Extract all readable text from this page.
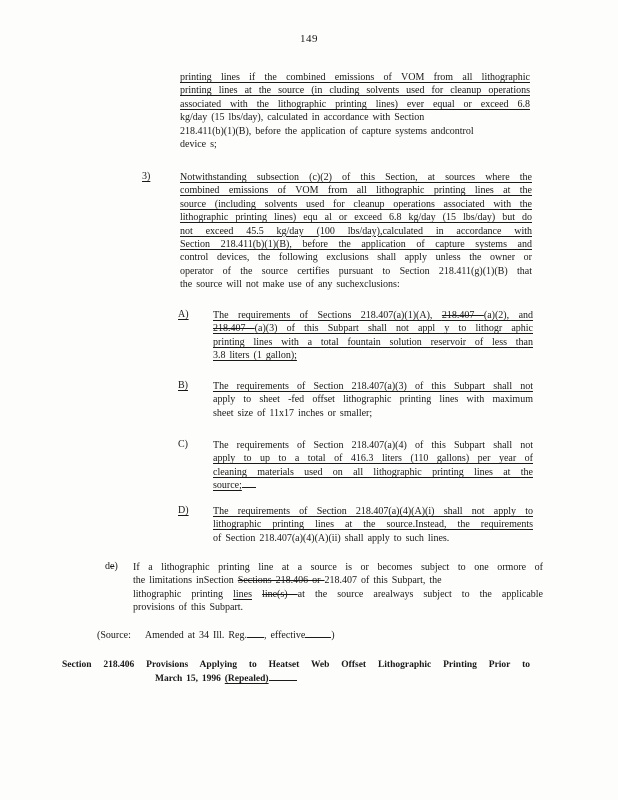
149
printing lines if the combined emissions of VOM from all lithographic
printing lines at the source (in cluding solvents used for cleanup operations
associated with the lithographic printing lines) ever equal or exceed 6.8
kg/day (15 lbs/day), calculated in accordance with Section
218.411(b)(1)(B), before the application of capture systems andcontrol
device s;
3)	Notwithstanding subsection (c)(2) of this Section, at sources where the
combined emissions of VOM from all lithographic printing lines at the
source (including solvents used for cleanup operations associated with the
lithographic printing lines) equ al or exceed 6.8 kg/day (15 lbs/day) but do
not exceed 45.5 kg/day (100 lbs/day),calculated in accordance with
Section 218.411(b)(1)(B), before the application of capture systems and
control devices, the following exclusions shall apply unless the owner or
operator of the source certifies pursuant to Section 218.411(g)(1)(B) that
the source will not make use of any suchexclusions:
A) The requirements of Sections 218.407(a)(1)(A), 218.407 (a)(2), and
218.407 (a)(3) of this Subpart shall not appl y to lithogr aphic
printing lines with a total fountain solution reservoir of less than
3.8 liters (1 gallon);
B)	The requirements of Section 218.407(a)(3) of this Subpart shall not
apply to sheet -fed offset lithographic printing lines with maximum
sheet size of 11x17 inches or smaller;
C)	The requirements of Section 218.407(a)(4) of this Subpart shall not
apply to up to a total of 416.3 liters (110 gallons) per year of
cleaning materials used on all lithographic printing lines at the
source;
D) The requirements of Section 218.407(a)(4)(A)(i) shall not apply to
lithographic printing lines at the source.Instead, the requirements
of Section 218.407(a)(4)(A)(ii) shall apply to such lines.
de) If a lithographic printing line at a source is or becomes subject to one ormore of
the limitations inSection Sections 218.406 or 218.407 of this Subpart, the
lithographic printing lines line(s) at the source arealways subject to the applicable
provisions of this Subpart.
(Source: Amended at 34 Ill. Reg. , effective	)
Section 218.406 Provisions Applying to Heatset Web Offset Lithographic Printing Prior to
March 15, 1996 (Repealed)
